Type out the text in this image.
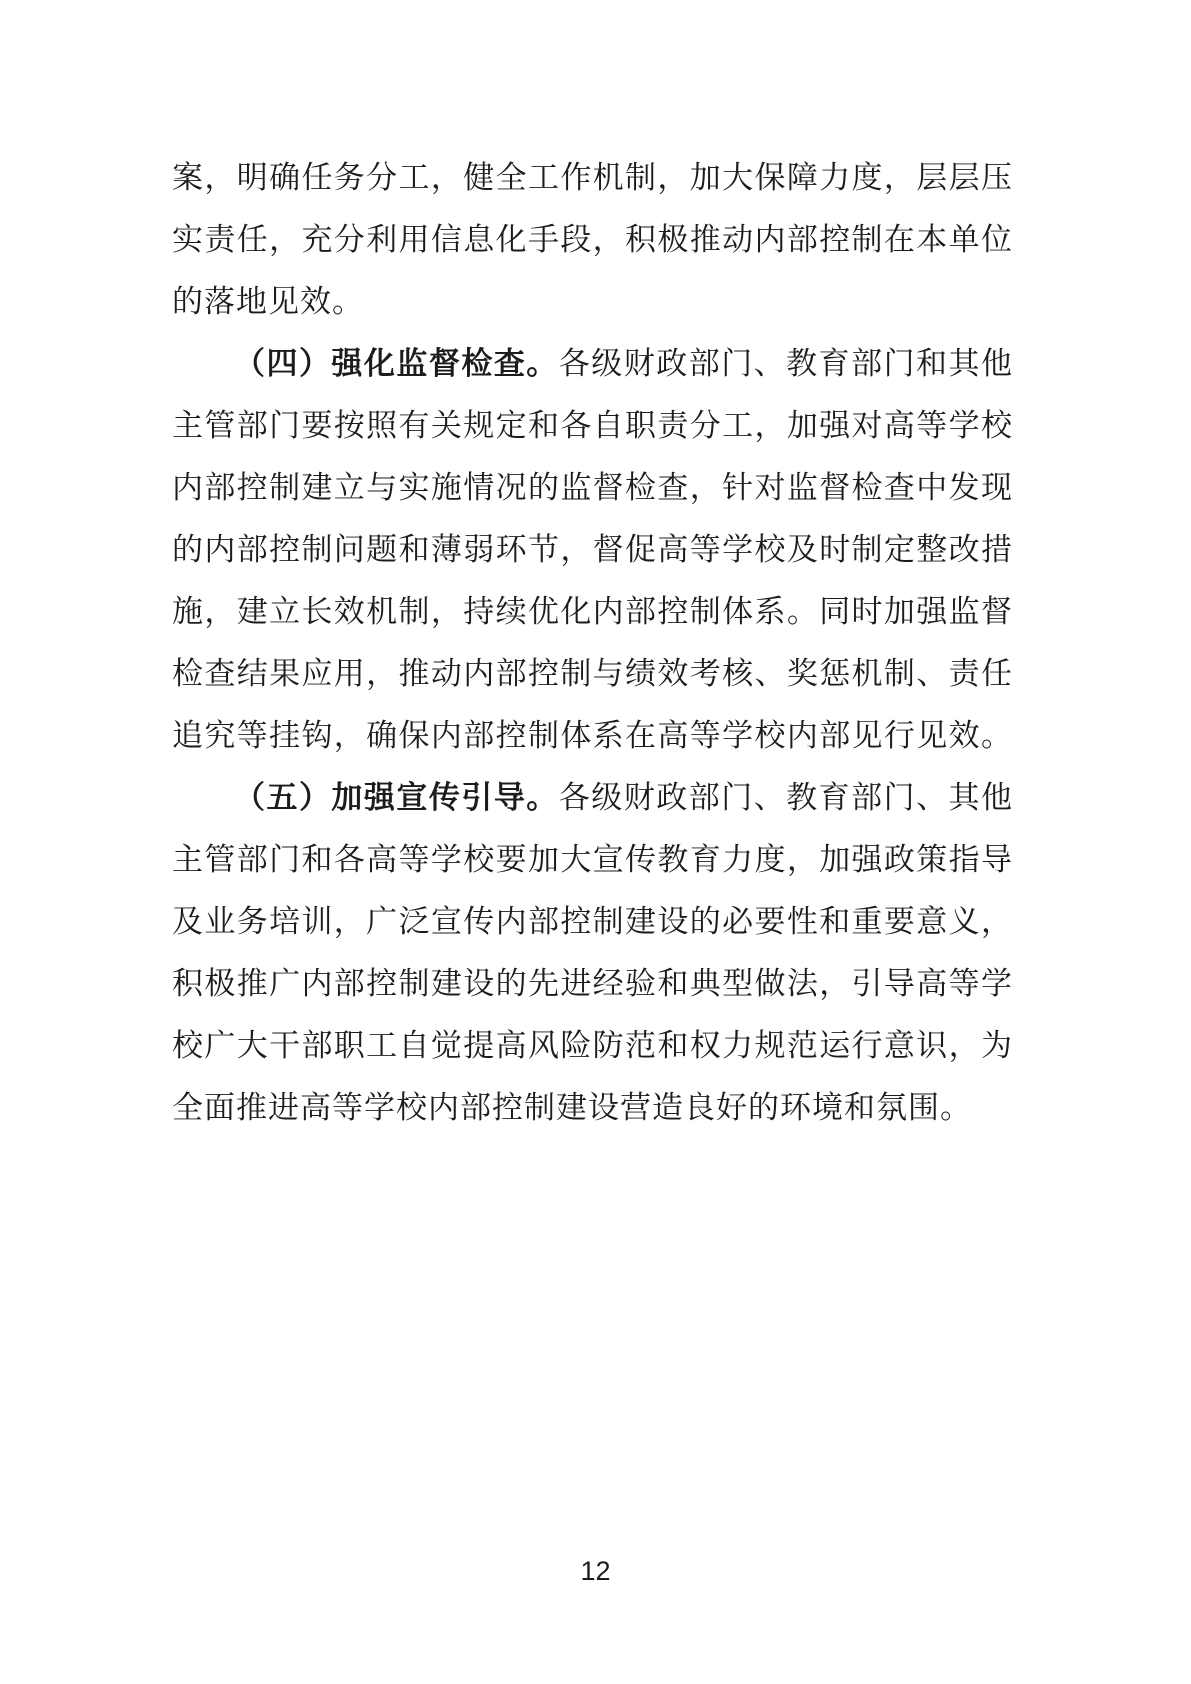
案，明确任务分工，健全工作机制，加大保障力度，层层压
实责任，充分利用信息化手段，积极推动内部控制在本单位
的落地见效。
（四）强化监督检查。各级财政部门、教育部门和其他
主管部门要按照有关规定和各自职责分工，加强对高等学校
内部控制建立与实施情况的监督检查，针对监督检查中发现
的内部控制问题和薄弱环节，督促高等学校及时制定整改措
施，建立长效机制，持续优化内部控制体系。同时加强监督
检查结果应用，推动内部控制与绩效考核、奖惩机制、责任
追究等挂钩，确保内部控制体系在高等学校内部见行见效。
（五）加强宣传引导。各级财政部门、教育部门、其他
主管部门和各高等学校要加大宣传教育力度，加强政策指导
及业务培训，广泛宣传内部控制建设的必要性和重要意义，
积极推广内部控制建设的先进经验和典型做法，引导高等学
校广大干部职工自觉提高风险防范和权力规范运行意识，为
全面推进高等学校内部控制建设营造良好的环境和氛围。
12
